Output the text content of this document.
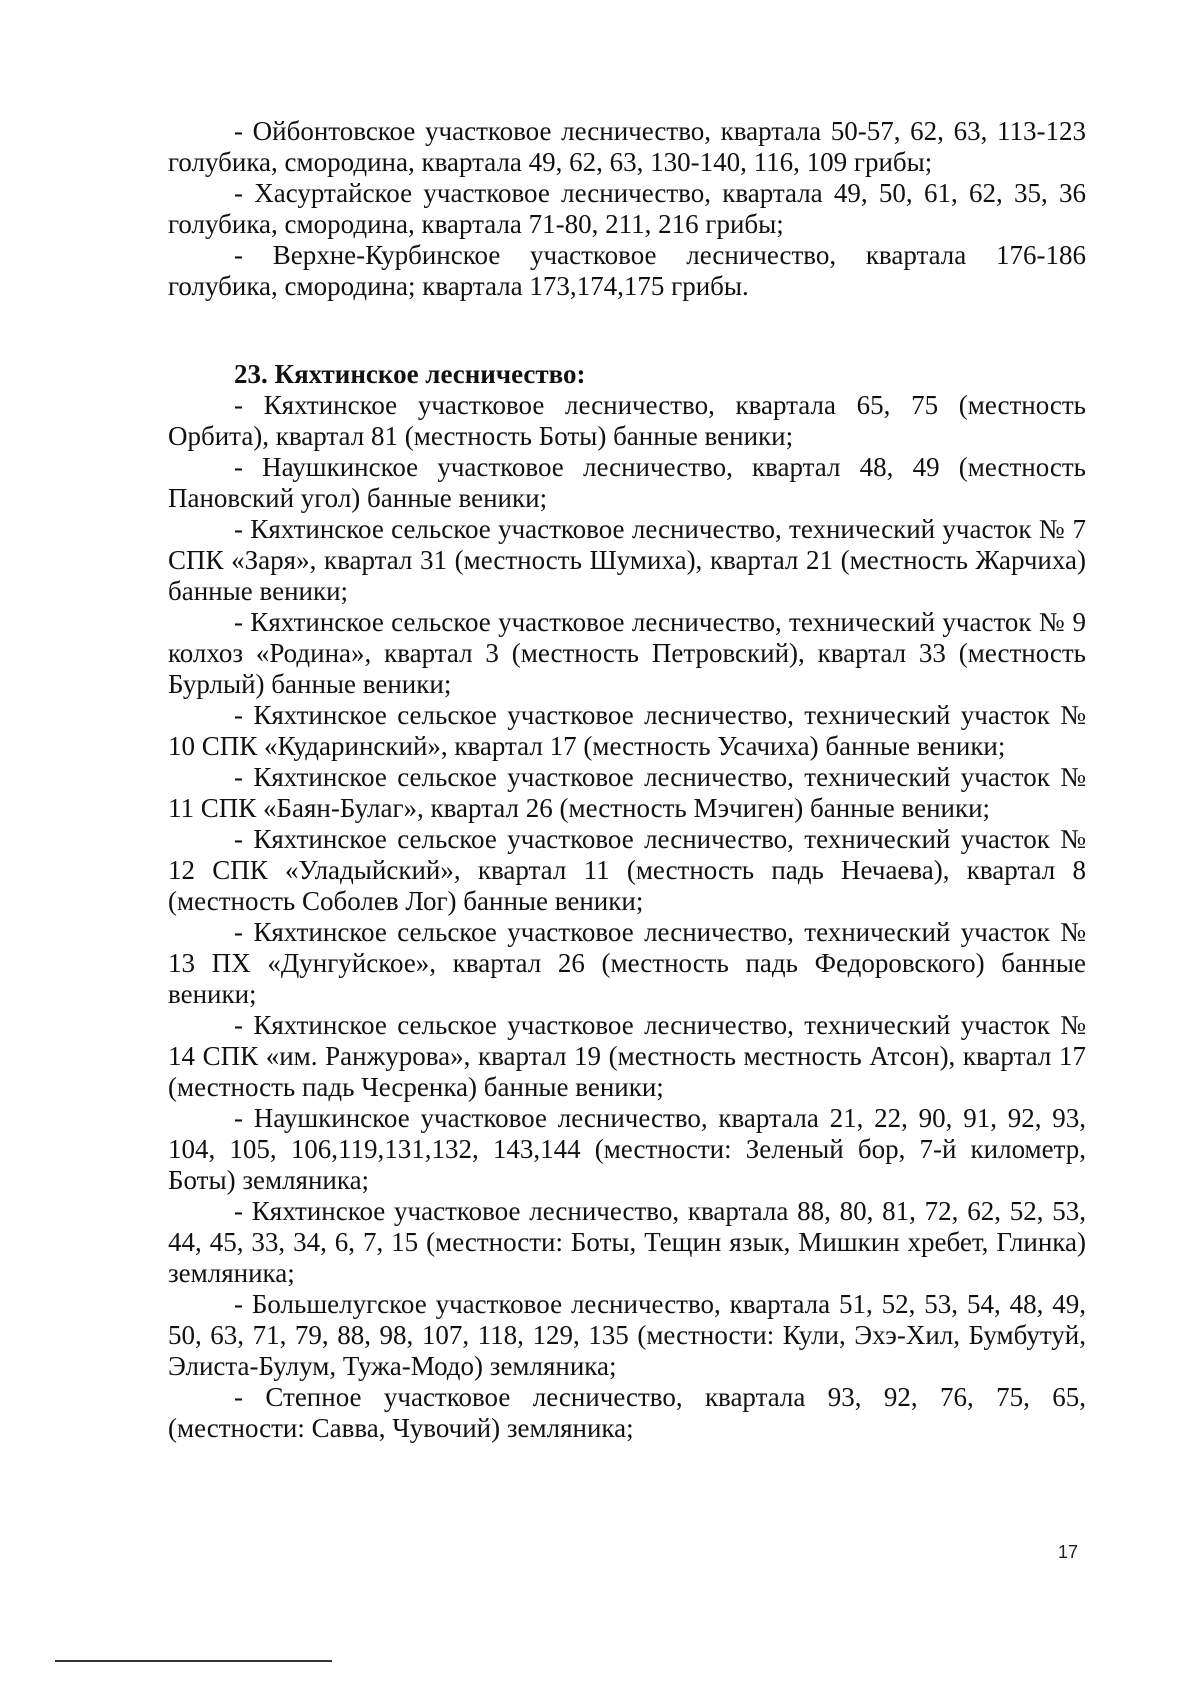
- Ойбонтовское участковое лесничество, квартала 50-57, 62, 63, 113-123 голубика, смородина, квартала 49, 62, 63, 130-140, 116, 109 грибы;

- Хасуртайское участковое лесничество, квартала 49, 50, 61, 62, 35, 36 голубика, смородина, квартала 71-80, 211, 216 грибы;

- Верхне-Курбинское участковое лесничество, квартала 176-186 голубика, смородина; квартала 173,174,175 грибы.

23. Кяхтинское лесничество:

- Кяхтинское участковое лесничество, квартала 65, 75 (местность Орбита), квартал 81 (местность Боты) банные веники;

- Наушкинское участковое лесничество, квартал 48, 49 (местность Пановский угол) банные веники;

- Кяхтинское сельское участковое лесничество, технический участок № 7 СПК «Заря», квартал 31 (местность Шумиха), квартал 21 (местность Жарчиха) банные веники;

- Кяхтинское сельское участковое лесничество, технический участок № 9 колхоз «Родина», квартал 3 (местность Петровский), квартал 33 (местность Бурлый) банные веники;

- Кяхтинское сельское участковое лесничество, технический участок № 10 СПК «Кударинский», квартал 17 (местность Усачиха) банные веники;

- Кяхтинское сельское участковое лесничество, технический участок № 11 СПК «Баян-Булаг», квартал 26 (местность Мэчиген) банные веники;

- Кяхтинское сельское участковое лесничество, технический участок № 12 СПК «Уладыйский», квартал 11 (местность падь Нечаева), квартал 8 (местность Соболев Лог) банные веники;

- Кяхтинское сельское участковое лесничество, технический участок № 13 ПХ «Дунгуйское», квартал 26 (местность падь Федоровского) банные веники;

- Кяхтинское сельское участковое лесничество, технический участок № 14 СПК «им. Ранжурова», квартал 19 (местность местность Атсон), квартал 17 (местность падь Чесренка) банные веники;

- Наушкинское участковое лесничество, квартала 21, 22, 90, 91, 92, 93, 104, 105, 106,119,131,132, 143,144 (местности: Зеленый бор, 7-й километр, Боты) земляника;

- Кяхтинское участковое лесничество, квартала 88, 80, 81, 72, 62, 52, 53, 44, 45, 33, 34, 6, 7, 15 (местности: Боты, Тещин язык, Мишкин хребет, Глинка) земляника;

- Большелугское участковое лесничество, квартала 51, 52, 53, 54, 48, 49, 50, 63, 71, 79, 88, 98, 107, 118, 129, 135 (местности: Кули, Эхэ-Хил, Бумбутуй, Элиста-Булум, Тужа-Модо) земляника;

- Степное участковое лесничество, квартала 93, 92, 76, 75, 65, (местности: Савва, Чувочий) земляника;

17
